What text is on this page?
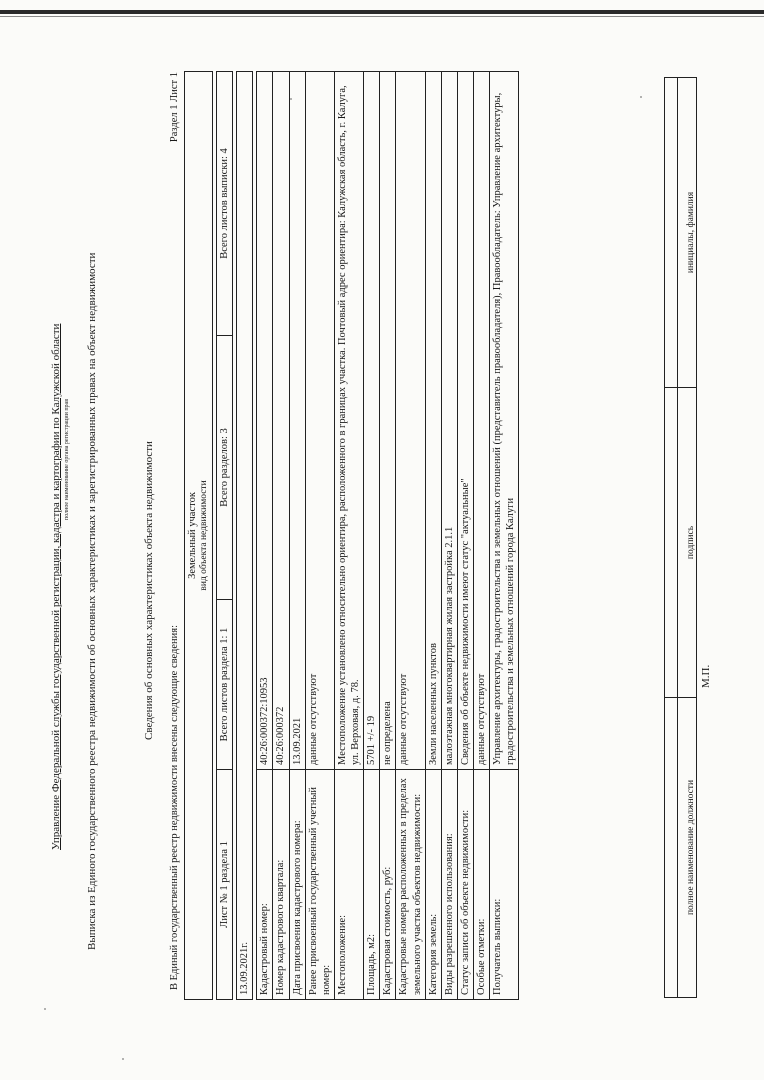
Управление Федеральной службы государственной регистрации, кадастра и картографии по Калужской области полное наименование органа регистрации прав Выписка из Единого государственного реестра недвижимости об основных характеристиках и зарегистрированных правах на объект недвижимости	Сведения об основных характеристиках объекта недвижимости
В Единый государственный реестр недвижимости внесены следующие сведения:
Раздел 1 Лист 1
Земельный участок вид объекта недвижимости			

Лист № 1 раздела 1	Всего листов раздела 1: 1	Всего разделов: 3	Всего листов выписки: 4

13.09.2021г.			

Кадастровый номер:	40:26:000372:10953		
Номер кадастрового квартала:	40:26:000372		
Дата присвоения кадастрового номера:	13.09.2021		
Ранее присвоенный государственный учетный номер:	данные отсутствуют		
Местоположение:	Местоположение установлено относительно ориентира, расположенного в границах участка. Почтовый адрес ориентира: Калужская область, г. Калуга, ул. Верховая, д. 78.		
Площадь, м2:	5701 +/- 19		
Кадастровая стоимость, руб:	не определена		
Кадастровые номера расположенных в пределах земельного участка объектов недвижимости:	данные отсутствуют		
Категория земель:	Земли населенных пунктов		
Виды разрешенного использования:	малоэтажная многоквартирная жилая застройка 2.1.1		
Статус записи об объекте недвижимости:	Сведения об объекте недвижимости имеют статус "актуальные"		
Особые отметки:	данные отсутствуют		
Получатель выписки:	Управление архитектуры, градостроительства и земельных отношений (представитель правообладателя), Правообладатель: Управление архитектуры, градостроительства и земельных отношений города Калуги		

полное наименование должности	подпись	инициалы, фамилия
М.П.
